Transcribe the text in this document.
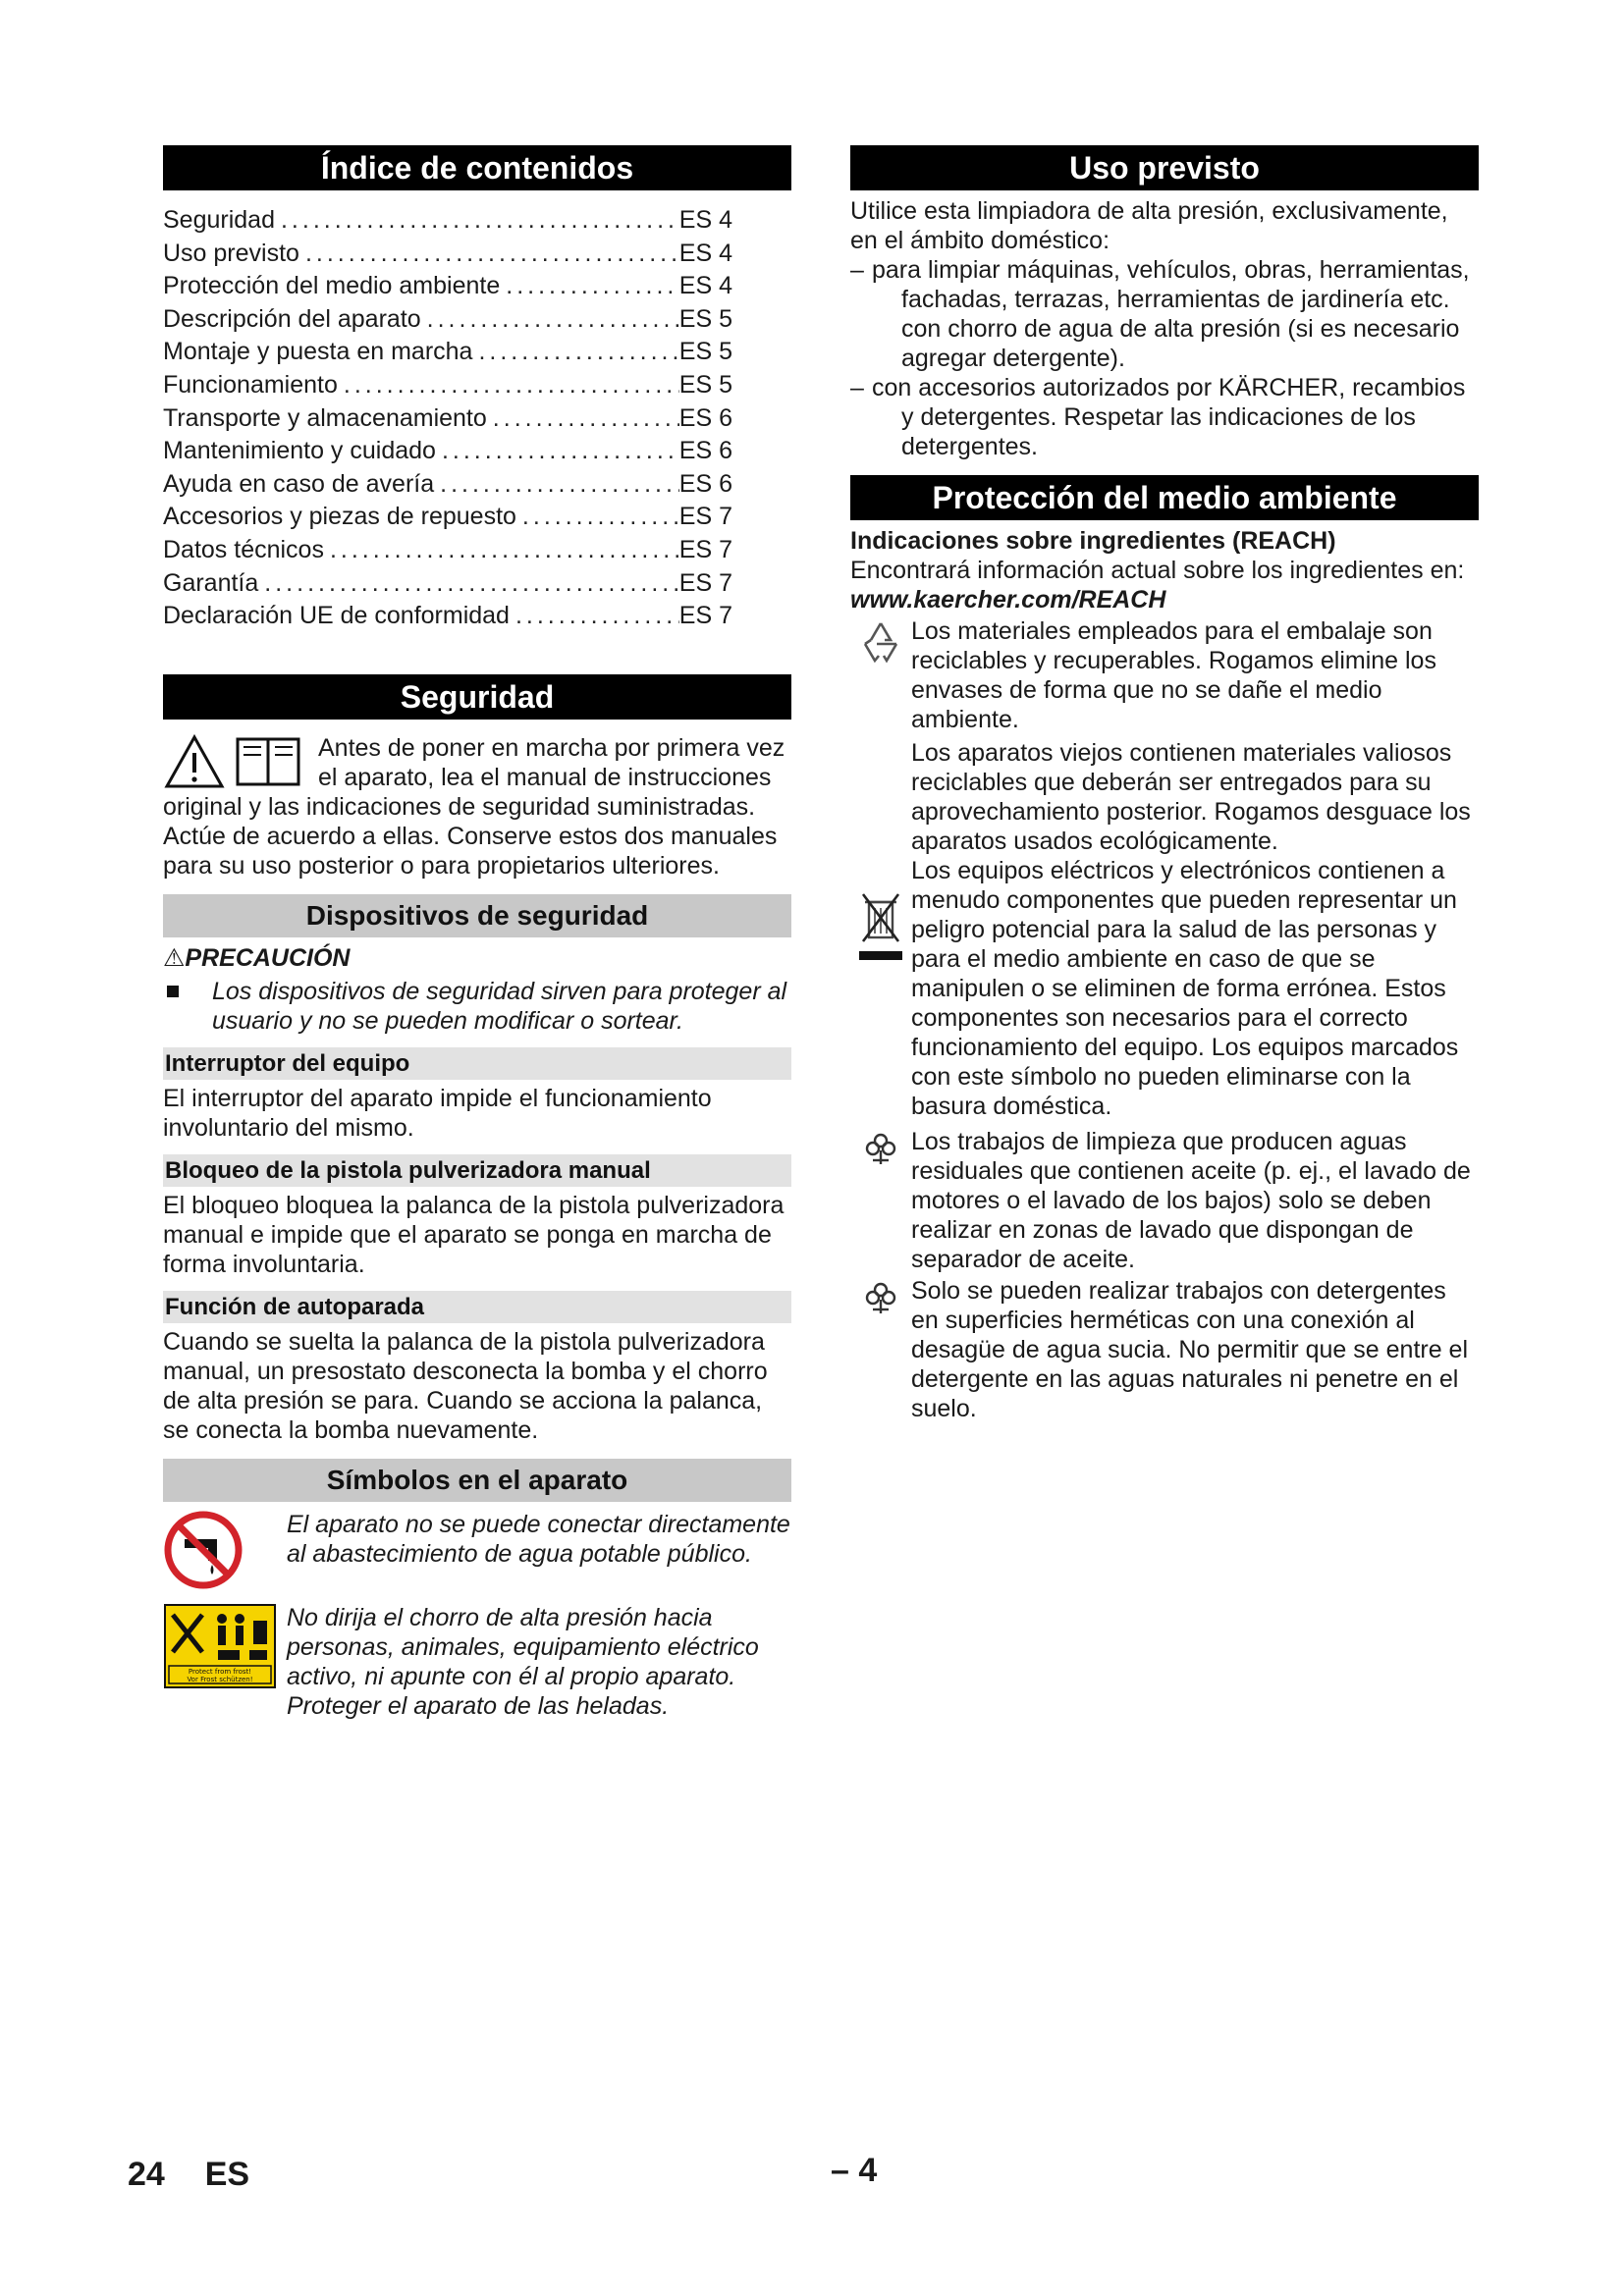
Índice de contenidos
Seguridad .....	ES 4
Uso previsto .....	ES 4
Protección del medio ambiente .....	ES 4
Descripción del aparato .....	ES 5
Montaje y puesta en marcha .....	ES 5
Funcionamiento .....	ES 5
Transporte y almacenamiento .....	ES 6
Mantenimiento y cuidado .....	ES 6
Ayuda en caso de avería .....	ES 6
Accesorios y piezas de repuesto .....	ES 7
Datos técnicos .....	ES 7
Garantía .....	ES 7
Declaración UE de conformidad .....	ES 7
Seguridad

Antes de poner en marcha por primera vez el aparato, lea el manual de instrucciones original y las indicaciones de seguridad suministradas. Actúe de acuerdo a ellas. Conserve estos dos manuales para su uso posterior o para propietarios ulteriores.

Dispositivos de seguridad
⚠PRECAUCIÓN

Los dispositivos de seguridad sirven para proteger al usuario y no se pueden modificar o sortear.

Interruptor del equipo

El interruptor del aparato impide el funcionamiento involuntario del mismo.

Bloqueo de la pistola pulverizadora manual

El bloqueo bloquea la palanca de la pistola pulverizadora manual e impide que el aparato se ponga en marcha de forma involuntaria.

Función de autoparada

Cuando se suelta la palanca de la pistola pulverizadora manual, un presostato desconecta la bomba y el chorro de alta presión se para. Cuando se acciona la palanca, se conecta la bomba nuevamente.

Símbolos en el aparato

El aparato no se puede conectar directamente al abastecimiento de agua potable público.

Protect from frost!
Vor Frost schützen!

No dirija el chorro de alta presión hacia personas, animales, equipamiento eléctrico activo, ni apunte con él al propio aparato. Proteger el aparato de las heladas.

Uso previsto

Utilice esta limpiadora de alta presión, exclusivamente, en el ámbito doméstico:

– para limpiar máquinas, vehículos, obras, herramientas, fachadas, terrazas, herramientas de jardinería etc. con chorro de agua de alta presión (si es necesario agregar detergente).
– con accesorios autorizados por KÄRCHER, recambios y detergentes. Respetar las indicaciones de los detergentes.
Protección del medio ambiente

Indicaciones sobre ingredientes (REACH)

Encontrará información actual sobre los ingredientes en:

www.kaercher.com/REACH

Los materiales empleados para el embalaje son reciclables y recuperables. Rogamos elimine los envases de forma que no se dañe el medio ambiente.

Los aparatos viejos contienen materiales valiosos reciclables que deberán ser entregados para su aprovechamiento posterior. Rogamos desguace los aparatos usados ecológicamente.

Los equipos eléctricos y electrónicos contienen a menudo componentes que pueden representar un peligro potencial para la salud de las personas y para el medio ambiente en caso de que se manipulen o se eliminen de forma errónea. Estos componentes son necesarios para el correcto funcionamiento del equipo. Los equipos marcados con este símbolo no pueden eliminarse con la basura doméstica.

Los trabajos de limpieza que producen aguas residuales que contienen aceite (p. ej., el lavado de motores o el lavado de los bajos) solo se deben realizar en zonas de lavado que dispongan de separador de aceite.

Solo se pueden realizar trabajos con detergentes en superficies herméticas con una conexión al desagüe de agua sucia. No permitir que se entre el detergente en las aguas naturales ni penetre en el suelo.

24 ES	– 4
